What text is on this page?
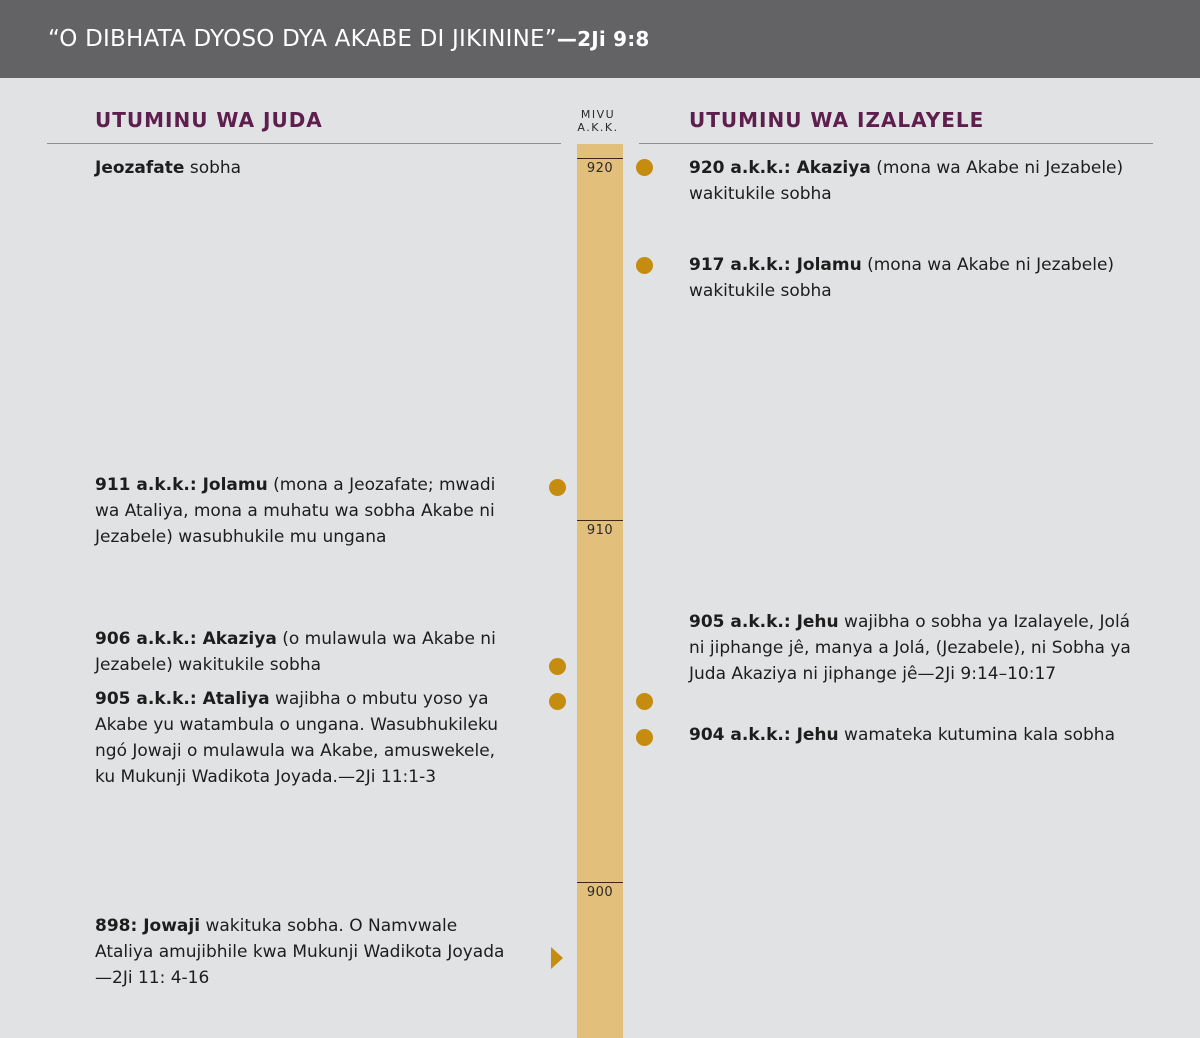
“O DIBHATA DYOSO DYA AKABE DI JIKININE”—2Ji 9:8
UTUMINU WA JUDA	UTUMINU WA IZALAYELE
MIVU
A.K.K.
920
910
900
Jeozafate sobha
911 a.k.k.: Jolamu (mona a Jeozafate; mwadi wa Ataliya, mona a muhatu wa sobha Akabe ni Jezabele) wasubhukile mu ungana
906 a.k.k.: Akaziya (o mulawula wa Akabe ni Jezabele) wakitukile sobha
905 a.k.k.: Ataliya wajibha o mbutu yoso ya Akabe yu watambula o ungana. Wasubhukileku ngó Jowaji o mulawula wa Akabe, amuswekele, ku Mukunji Wadikota Joyada.—2Ji 11:1-3
898: Jowaji wakituka sobha. O Namvwale Ataliya amujibhile kwa Mukunji Wadikota Joyada—2Ji 11: 4-16
920 a.k.k.: Akaziya (mona wa Akabe ni Jezabele) wakitukile sobha
917 a.k.k.: Jolamu (mona wa Akabe ni Jezabele) wakitukile sobha
905 a.k.k.: Jehu wajibha o sobha ya Izalayele, Jolá ni jiphange jê, manya a Jolá, (Jezabele), ni Sobha ya Juda Akaziya ni jiphange jê—2Ji 9:14–10:17
904 a.k.k.: Jehu wamateka kutumina kala sobha
